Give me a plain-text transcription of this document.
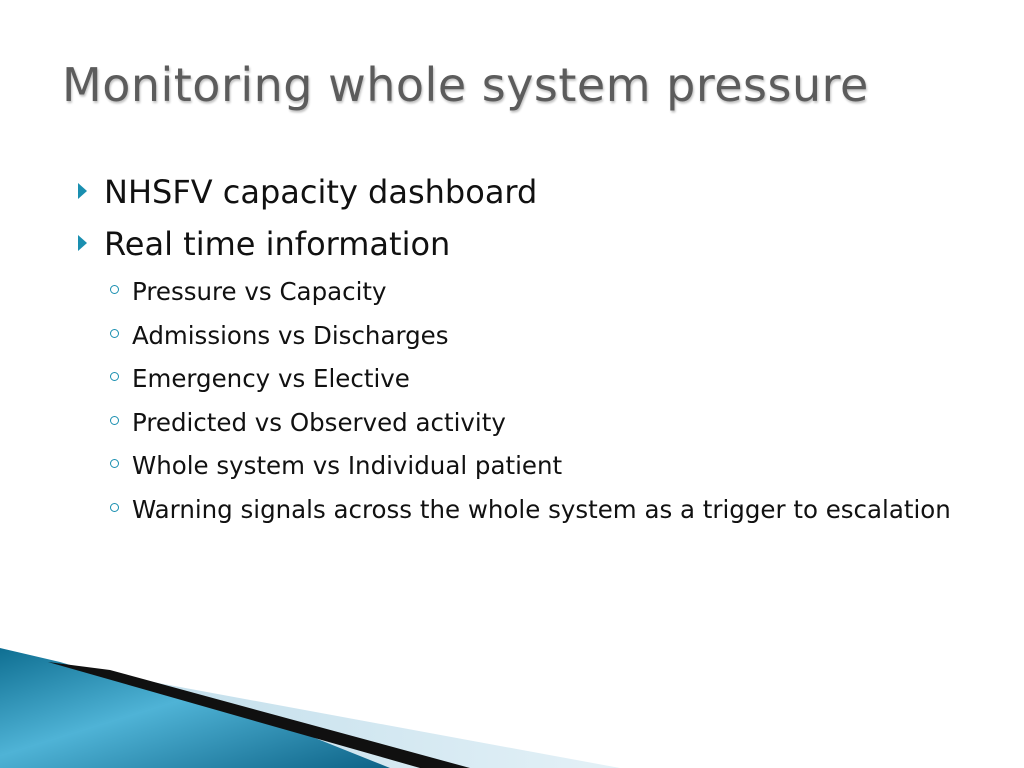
Monitoring whole system pressure
NHSFV capacity dashboard
Real time information
Pressure vs Capacity
Admissions vs Discharges
Emergency vs Elective
Predicted vs Observed activity
Whole system vs Individual patient
Warning signals across the whole system as a trigger to escalation
